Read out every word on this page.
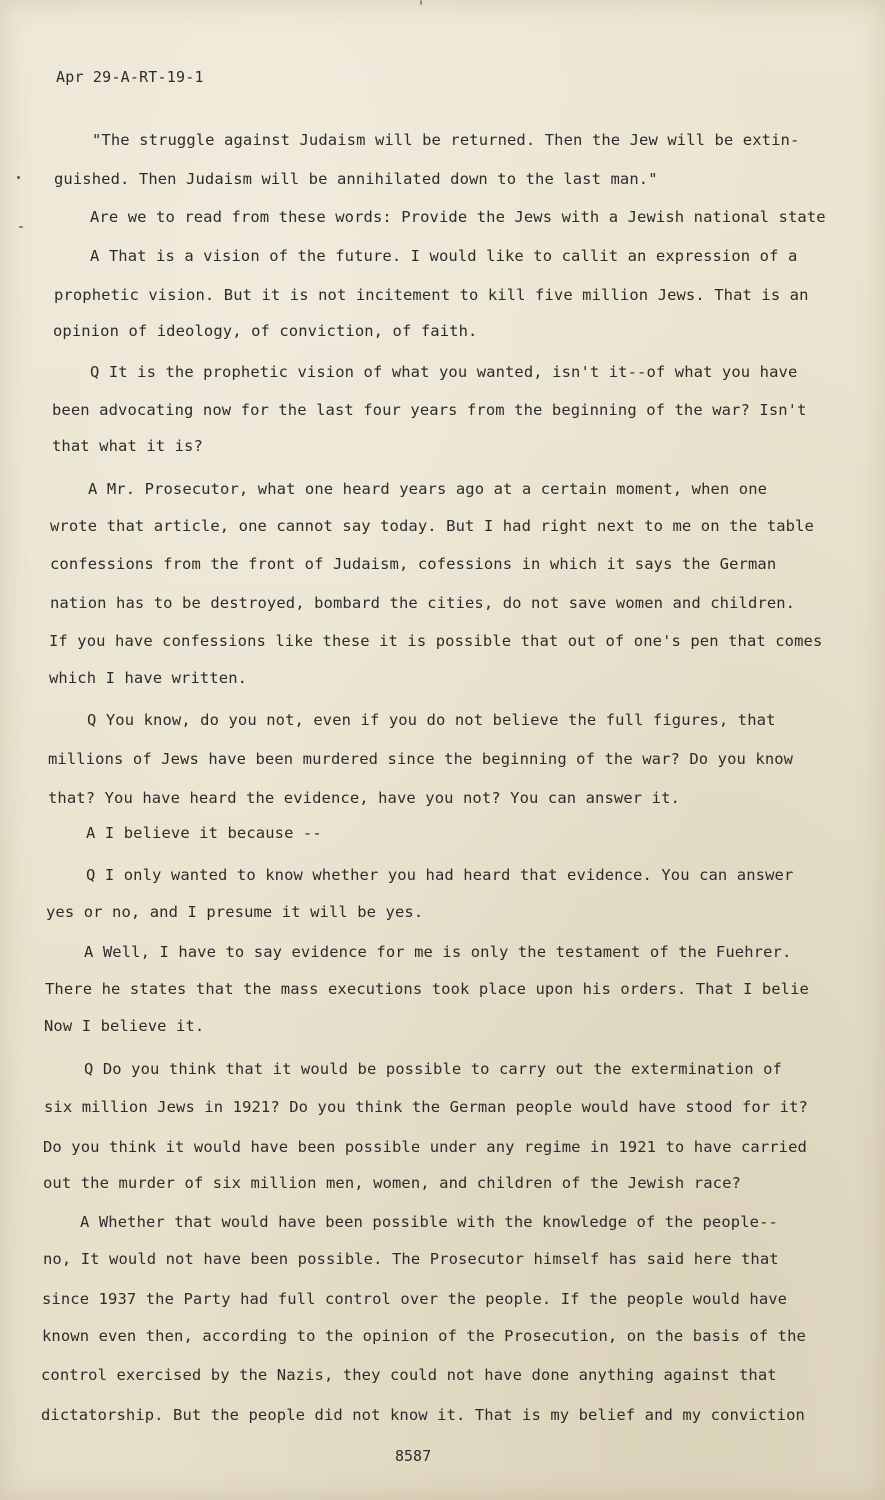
Apr 29-A-RT-19-1
"The struggle against Judaism will be returned. Then the Jew will be extin-
guished. Then Judaism will be annihilated down to the last man."
Are we to read from these words: Provide the Jews with a Jewish national state
A That is a vision of the future. I would like to callit an expression of a
prophetic vision. But it is not incitement to kill five million Jews. That is an
opinion of ideology, of conviction, of faith.
Q It is the prophetic vision of what you wanted, isn't it--of what you have
been advocating now for the last four years from the beginning of the war? Isn't
that what it is?
A Mr. Prosecutor, what one heard years ago at a certain moment, when one
wrote that article, one cannot say today. But I had right next to me on the table
confessions from the front of Judaism, cofessions in which it says the German
nation has to be destroyed, bombard the cities, do not save women and children.
If you have confessions like these it is possible that out of one's pen that comes
which I have written.
Q You know, do you not, even if you do not believe the full figures, that
millions of Jews have been murdered since the beginning of the war? Do you know
that? You have heard the evidence, have you not? You can answer it.
A I believe it because --
Q I only wanted to know whether you had heard that evidence. You can answer
yes or no, and I presume it will be yes.
A Well, I have to say evidence for me is only the testament of the Fuehrer.
There he states that the mass executions took place upon his orders. That I belie
Now I believe it.
Q Do you think that it would be possible to carry out the extermination of
six million Jews in 1921? Do you think the German people would have stood for it?
Do you think it would have been possible under any regime in 1921 to have carried
out the murder of six million men, women, and children of the Jewish race?
A Whether that would have been possible with the knowledge of the people--
no, It would not have been possible. The Prosecutor himself has said here that
since 1937 the Party had full control over the people. If the people would have
known even then, according to the opinion of the Prosecution, on the basis of the
control exercised by the Nazis, they could not have done anything against that
dictatorship. But the people did not know it. That is my belief and my conviction
8587
